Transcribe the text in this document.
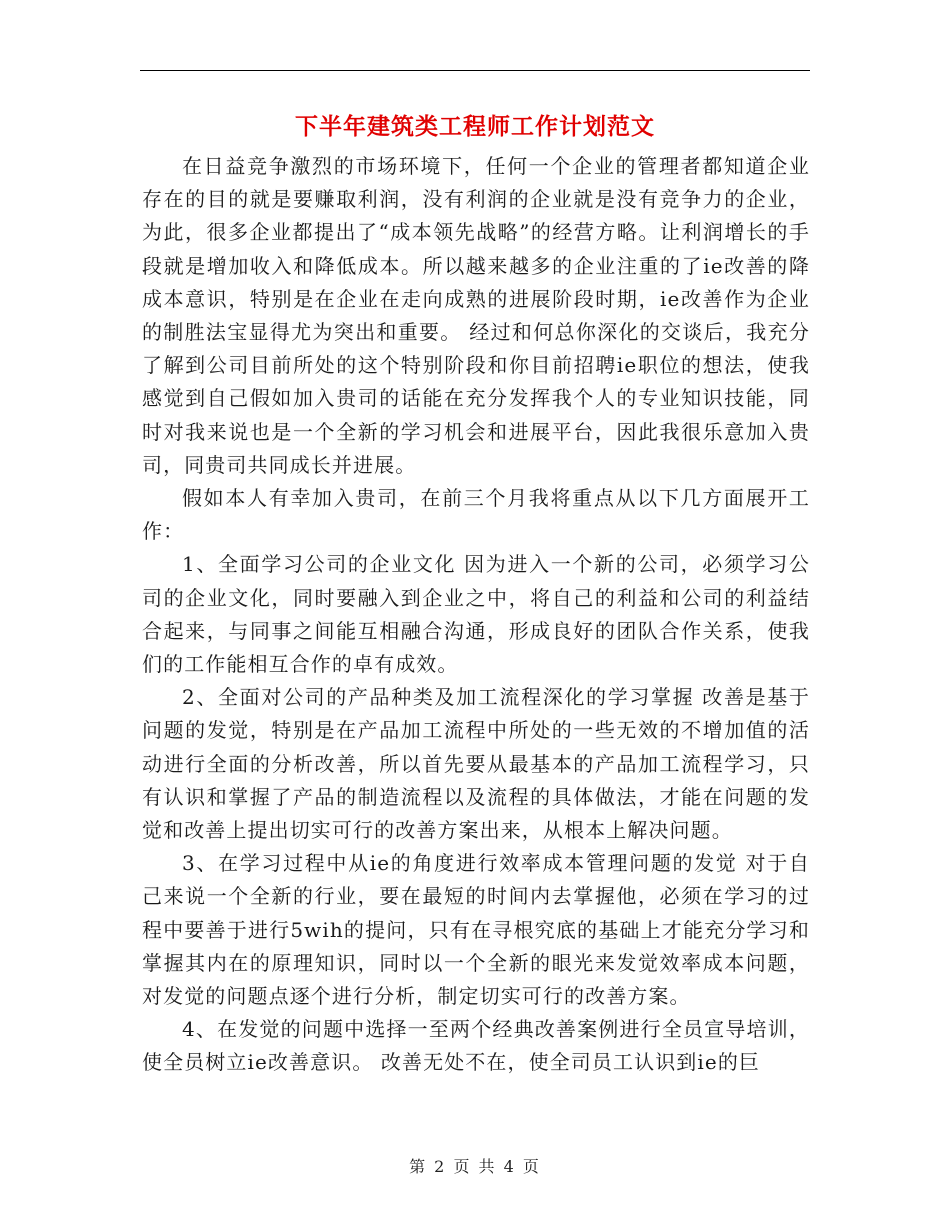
下半年建筑类工程师工作计划范文

在日益竞争激烈的市场环境下，任何一个企业的管理者都知道企业存在的目的就是要赚取利润，没有利润的企业就是没有竞争力的企业，为此，很多企业都提出了“成本领先战略”的经营方略。让利润增长的手段就是增加收入和降低成本。所以越来越多的企业注重的了ie改善的降成本意识，特别是在企业在走向成熟的进展阶段时期，ie改善作为企业的制胜法宝显得尤为突出和重要。 经过和何总你深化的交谈后，我充分了解到公司目前所处的这个特别阶段和你目前招聘ie职位的想法，使我感觉到自己假如加入贵司的话能在充分发挥我个人的专业知识技能，同时对我来说也是一个全新的学习机会和进展平台，因此我很乐意加入贵司，同贵司共同成长并进展。

假如本人有幸加入贵司，在前三个月我将重点从以下几方面展开工作：

1、全面学习公司的企业文化 因为进入一个新的公司，必须学习公司的企业文化，同时要融入到企业之中，将自己的利益和公司的利益结合起来，与同事之间能互相融合沟通，形成良好的团队合作关系，使我们的工作能相互合作的卓有成效。

2、全面对公司的产品种类及加工流程深化的学习掌握 改善是基于问题的发觉，特别是在产品加工流程中所处的一些无效的不增加值的活动进行全面的分析改善，所以首先要从最基本的产品加工流程学习，只有认识和掌握了产品的制造流程以及流程的具体做法，才能在问题的发觉和改善上提出切实可行的改善方案出来，从根本上解决问题。

3、在学习过程中从ie的角度进行效率成本管理问题的发觉 对于自己来说一个全新的行业，要在最短的时间内去掌握他，必须在学习的过程中要善于进行5wih的提问，只有在寻根究底的基础上才能充分学习和掌握其内在的原理知识，同时以一个全新的眼光来发觉效率成本问题，对发觉的问题点逐个进行分析，制定切实可行的改善方案。

4、在发觉的问题中选择一至两个经典改善案例进行全员宣导培训，使全员树立ie改善意识。 改善无处不在，使全司员工认识到ie的巨

第 2 页 共 4 页
